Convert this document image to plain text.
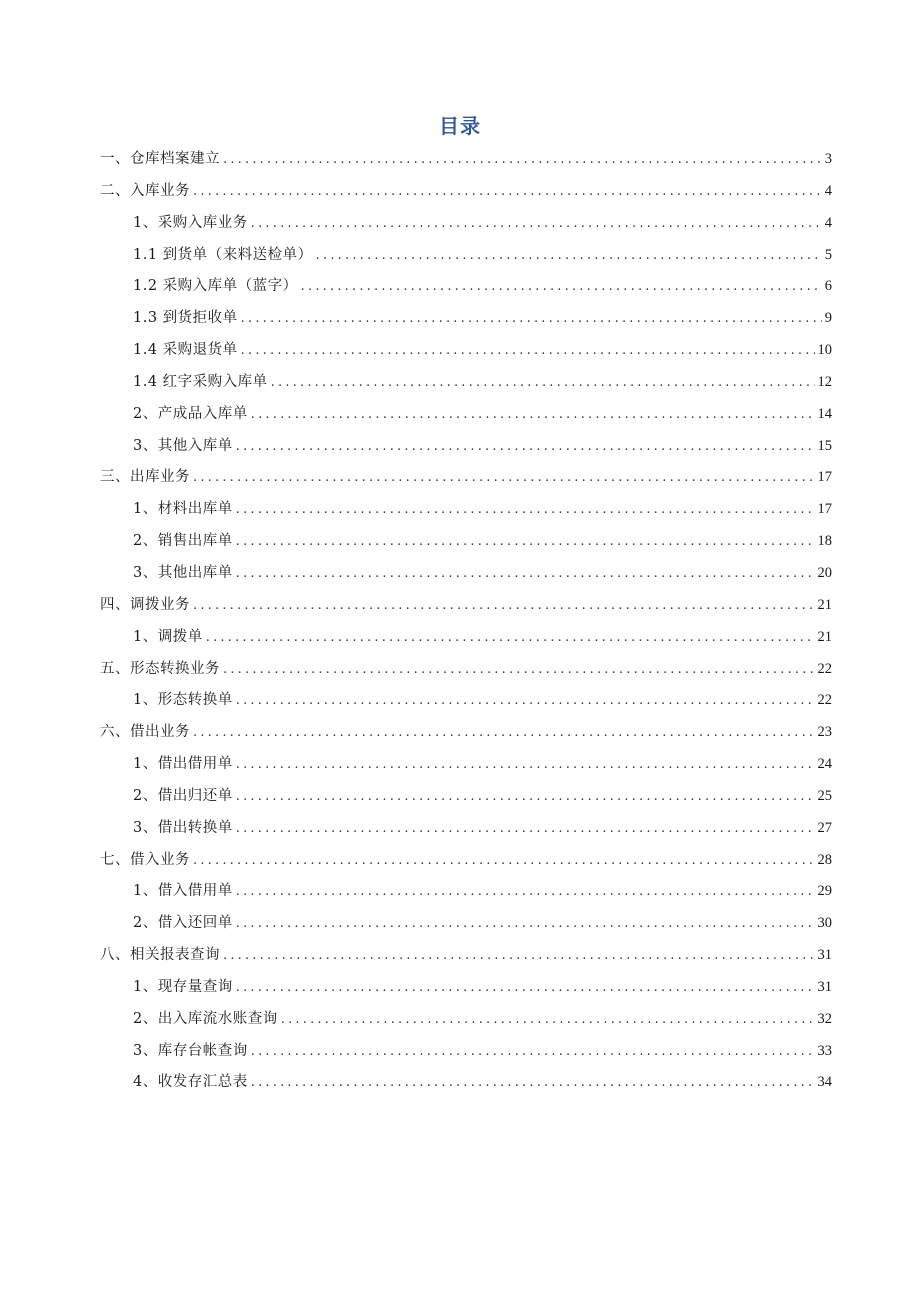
目录
一、仓库档案建立 .....	3
二、入库业务 .....	4
1、采购入库业务 .....	4
1.1 到货单（来料送检单） .....	5
1.2 采购入库单（蓝字） .....	6
1.3 到货拒收单 .....	9
1.4 采购退货单 .....	10
1.4 红字采购入库单 .....	12
2、产成品入库单 .....	14
3、其他入库单 .....	15
三、出库业务 .....	17
1、材料出库单 .....	17
2、销售出库单 .....	18
3、其他出库单 .....	20
四、调拨业务 .....	21
1、调拨单 .....	21
五、形态转换业务 .....	22
1、形态转换单 .....	22
六、借出业务 .....	23
1、借出借用单 .....	24
2、借出归还单 .....	25
3、借出转换单 .....	27
七、借入业务 .....	28
1、借入借用单 .....	29
2、借入还回单 .....	30
八、相关报表查询 .....	31
1、现存量查询 .....	31
2、出入库流水账查询 .....	32
3、库存台帐查询 .....	33
4、收发存汇总表 .....	34
